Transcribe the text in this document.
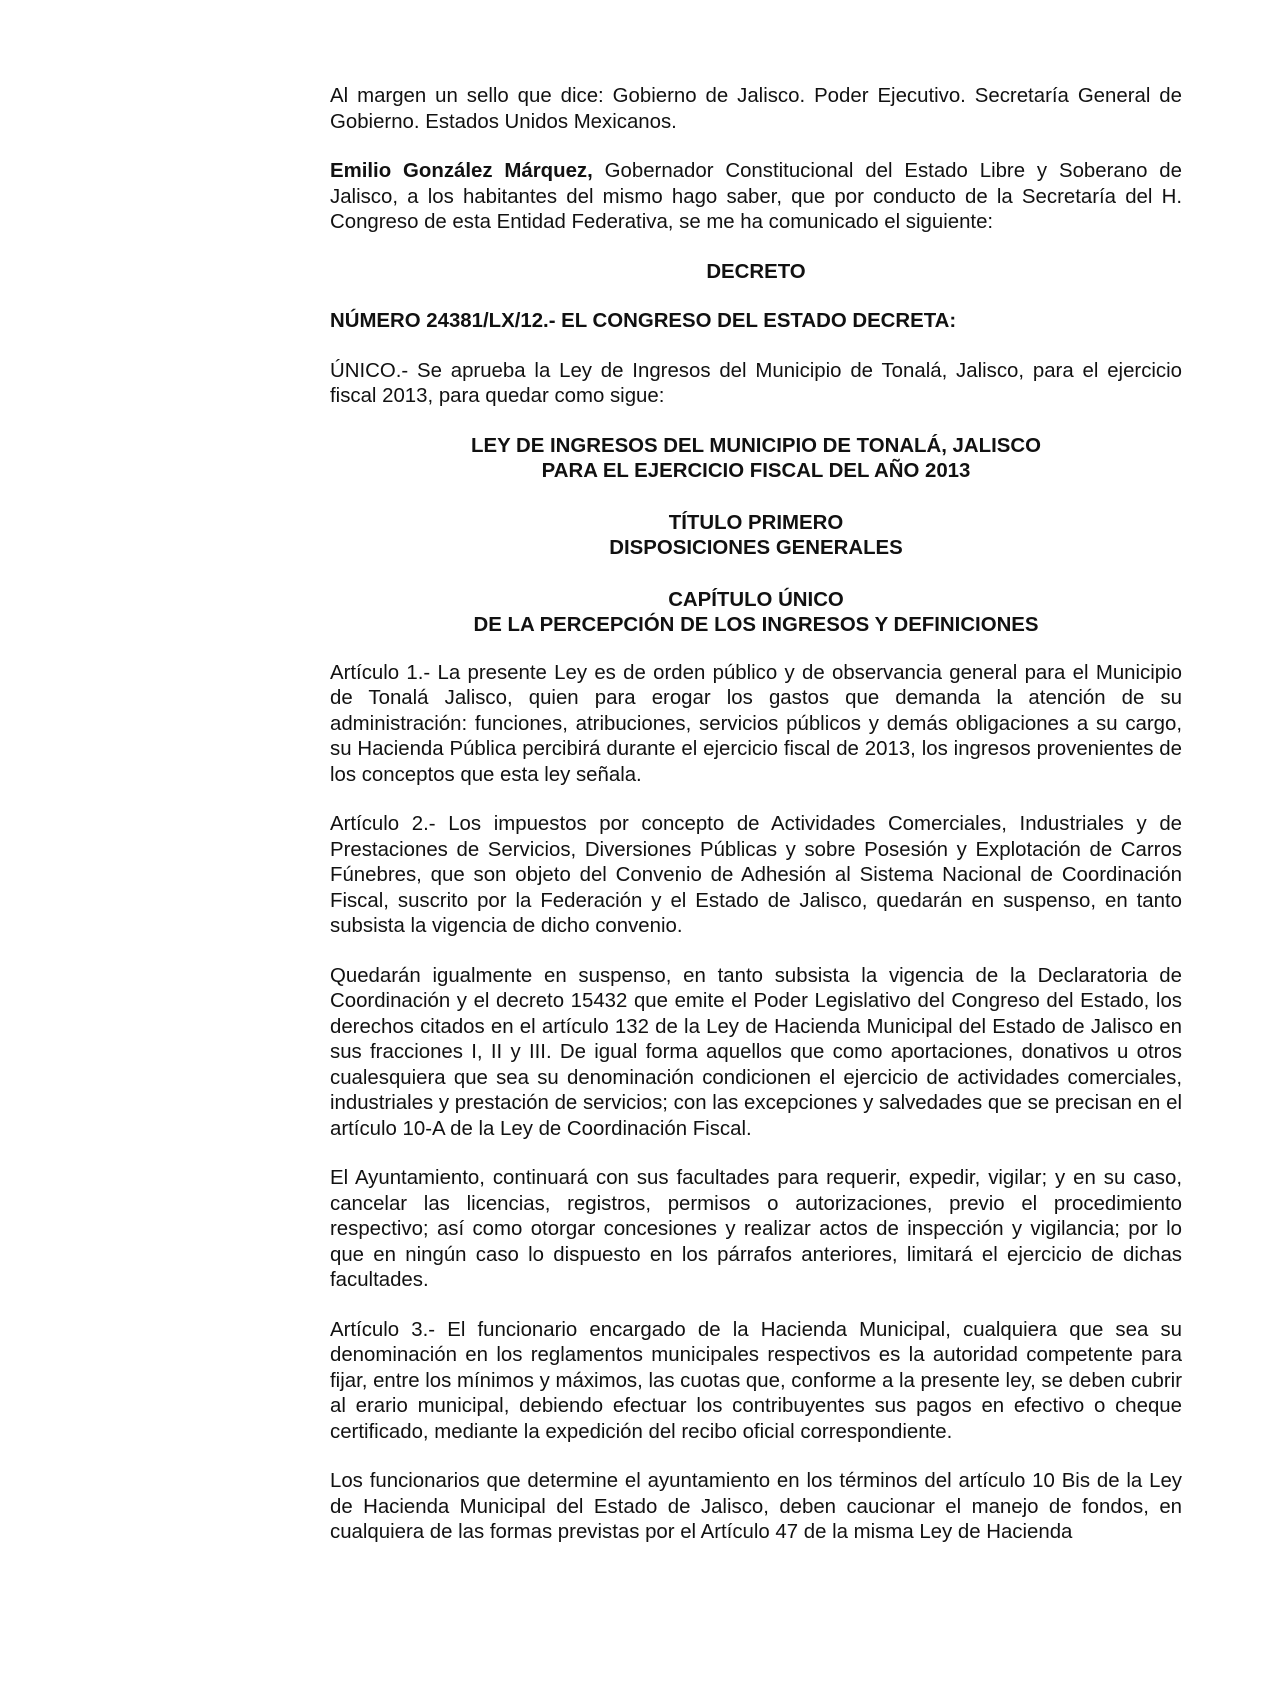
Al margen un sello que dice: Gobierno de Jalisco. Poder Ejecutivo. Secretaría General de Gobierno. Estados Unidos Mexicanos.

Emilio González Márquez, Gobernador Constitucional del Estado Libre y Soberano de Jalisco, a los habitantes del mismo hago saber, que por conducto de la Secretaría del H. Congreso de esta Entidad Federativa, se me ha comunicado el siguiente:

DECRETO

NÚMERO 24381/LX/12.- EL CONGRESO DEL ESTADO DECRETA:

ÚNICO.- Se aprueba la Ley de Ingresos del Municipio de Tonalá, Jalisco, para el ejercicio fiscal 2013, para quedar como sigue:

LEY DE INGRESOS DEL MUNICIPIO DE TONALÁ, JALISCO
PARA EL EJERCICIO FISCAL DEL AÑO 2013
TÍTULO PRIMERO
DISPOSICIONES GENERALES
CAPÍTULO ÚNICO
DE LA PERCEPCIÓN DE LOS INGRESOS Y DEFINICIONES

Artículo 1.- La presente Ley es de orden público y de observancia general para el Municipio de Tonalá Jalisco, quien para erogar los gastos que demanda la atención de su administración: funciones, atribuciones, servicios públicos y demás obligaciones a su cargo, su Hacienda Pública percibirá durante el ejercicio fiscal de 2013, los ingresos provenientes de los conceptos que esta ley señala.

Artículo 2.- Los impuestos por concepto de Actividades Comerciales, Industriales y de Prestaciones de Servicios, Diversiones Públicas y sobre Posesión y Explotación de Carros Fúnebres, que son objeto del Convenio de Adhesión al Sistema Nacional de Coordinación Fiscal, suscrito por la Federación y el Estado de Jalisco, quedarán en suspenso, en tanto subsista la vigencia de dicho convenio.

Quedarán igualmente en suspenso, en tanto subsista la vigencia de la Declaratoria de Coordinación y el decreto 15432 que emite el Poder Legislativo del Congreso del Estado, los derechos citados en el artículo 132 de la Ley de Hacienda Municipal del Estado de Jalisco en sus fracciones I, II y III. De igual forma aquellos que como aportaciones, donativos u otros cualesquiera que sea su denominación condicionen el ejercicio de actividades comerciales, industriales y prestación de servicios; con las excepciones y salvedades que se precisan en el artículo 10-A de la Ley de Coordinación Fiscal.

El Ayuntamiento, continuará con sus facultades para requerir, expedir, vigilar; y en su caso, cancelar las licencias, registros, permisos o autorizaciones, previo el procedimiento respectivo; así como otorgar concesiones y realizar actos de inspección y vigilancia; por lo que en ningún caso lo dispuesto en los párrafos anteriores, limitará el ejercicio de dichas facultades.

Artículo 3.- El funcionario encargado de la Hacienda Municipal, cualquiera que sea su denominación en los reglamentos municipales respectivos es la autoridad competente para fijar, entre los mínimos y máximos, las cuotas que, conforme a la presente ley, se deben cubrir al erario municipal, debiendo efectuar los contribuyentes sus pagos en efectivo o cheque certificado, mediante la expedición del recibo oficial correspondiente.

Los funcionarios que determine el ayuntamiento en los términos del artículo 10 Bis de la Ley de Hacienda Municipal del Estado de Jalisco, deben caucionar el manejo de fondos, en cualquiera de las formas previstas por el Artículo 47 de la misma Ley de Hacienda
